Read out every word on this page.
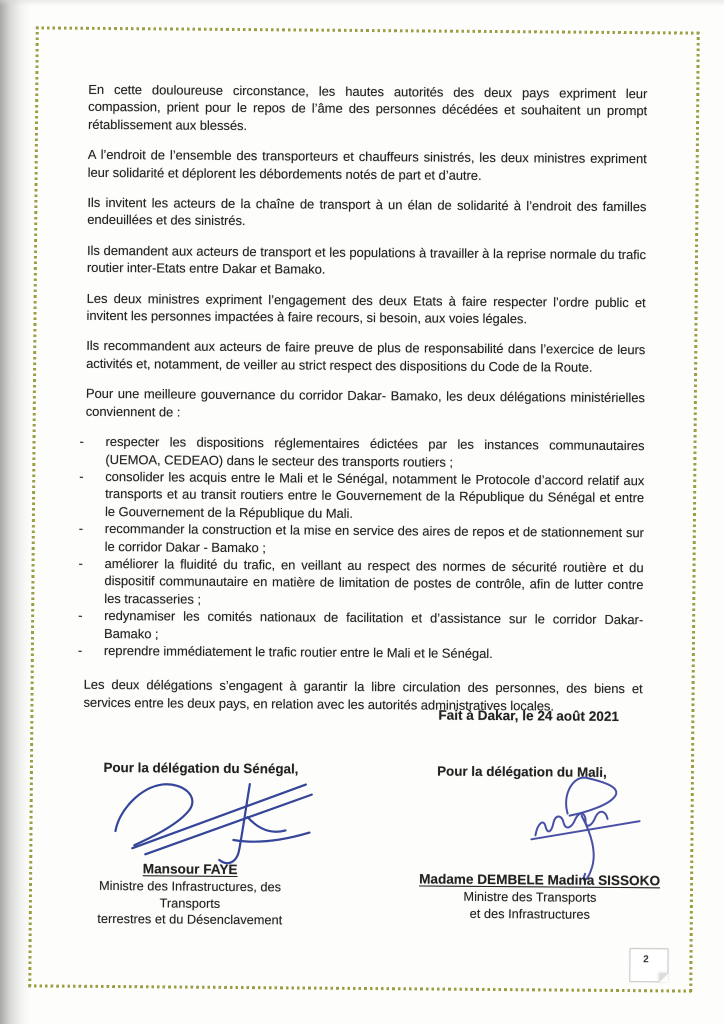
En cette douloureuse circonstance, les hautes autorités des deux pays expriment leur compassion, prient pour le repos de l’âme des personnes décédées et souhaitent un prompt rétablissement aux blessés.

A l’endroit de l’ensemble des transporteurs et chauffeurs sinistrés, les deux ministres expriment leur solidarité et déplorent les débordements notés de part et d’autre.

Ils invitent les acteurs de la chaîne de transport à un élan de solidarité à l’endroit des familles endeuillées et des sinistrés.

Ils demandent aux acteurs de transport et les populations à travailler à la reprise normale du trafic routier inter-Etats entre Dakar et Bamako.

Les deux ministres expriment l’engagement des deux Etats à faire respecter l’ordre public et invitent les personnes impactées à faire recours, si besoin, aux voies légales.

Ils recommandent aux acteurs de faire preuve de plus de responsabilité dans l’exercice de leurs activités et, notamment, de veiller au strict respect des dispositions du Code de la Route.

Pour une meilleure gouvernance du corridor Dakar- Bamako, les deux délégations ministérielles conviennent de :

-	respecter les dispositions réglementaires édictées par les instances communautaires (UEMOA, CEDEAO) dans le secteur des transports routiers ;
-	consolider les acquis entre le Mali et le Sénégal, notamment le Protocole d’accord relatif aux transports et au transit routiers entre le Gouvernement de la République du Sénégal et entre le Gouvernement de la République du Mali.
-	recommander la construction et la mise en service des aires de repos et de stationnement sur le corridor Dakar - Bamako ;
-	améliorer la fluidité du trafic, en veillant au respect des normes de sécurité routière et du dispositif communautaire en matière de limitation de postes de contrôle, afin de lutter contre les tracasseries ;
-	redynamiser les comités nationaux de facilitation et d’assistance sur le corridor Dakar- Bamako ;
-	reprendre immédiatement le trafic routier entre le Mali et le Sénégal.

Les deux délégations s’engagent à garantir la libre circulation des personnes, des biens et services entre les deux pays, en relation avec les autorités administratives locales.

Fait à Dakar, le 24 août 2021
Pour la délégation du Sénégal,
Mansour FAYE
Ministre des Infrastructures, des Transports
terrestres et du Désenclavement
Pour la délégation du Mali,
Madame DEMBELE Madina SISSOKO
Ministre des Transports
et des Infrastructures
2
